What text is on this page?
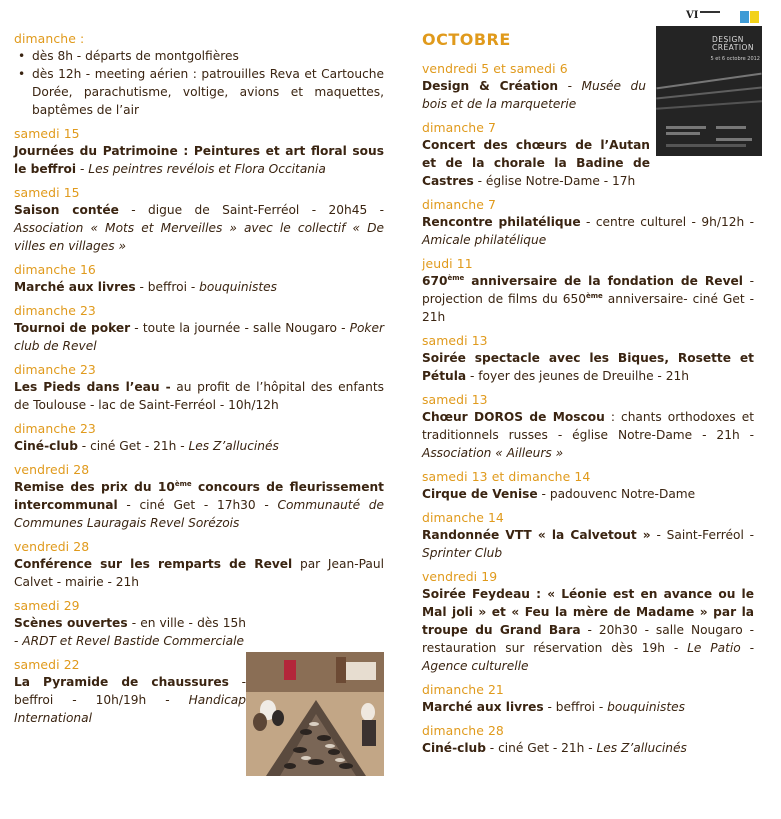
dimanche :
• dès 8h - départs de montgolfières
• dès 12h - meeting aérien : patrouilles Reva et Cartouche Dorée, parachutisme, voltige, avions et maquettes, baptêmes de l’air
samedi 15
Journées du Patrimoine : Peintures et art floral sous le beffroi - Les peintres revélois et Flora Occitania
samedi 15
Saison contée - digue de Saint-Ferréol - 20h45 - Association « Mots et Merveilles » avec le collectif « De villes en villages »
dimanche 16
Marché aux livres - beffroi - bouquinistes
dimanche 23
Tournoi de poker - toute la journée - salle Nougaro - Poker club de Revel
dimanche 23
Les Pieds dans l’eau - au profit de l’hôpital des enfants de Toulouse - lac de Saint-Ferréol - 10h/12h
dimanche 23
Ciné-club - ciné Get - 21h - Les Z’allucinés
vendredi 28
Remise des prix du 10ème concours de fleurissement intercommunal - ciné Get - 17h30 - Communauté de Communes Lauragais Revel Sorézois
vendredi 28
Conférence sur les remparts de Revel par Jean-Paul Calvet - mairie - 21h
samedi 29
Scènes ouvertes - en ville - dès 15h - ARDT et Revel Bastide Commerciale
samedi 22
La Pyramide de chaussures - beffroi - 10h/19h - Handicap International
OCTOBRE
vendredi 5 et samedi 6
Design & Création - Musée du bois et de la marqueterie
dimanche 7
Concert des chœurs de l’Autan et de la chorale la Badine de Castres - église Notre-Dame - 17h
dimanche 7
Rencontre philatélique - centre culturel - 9h/12h - Amicale philatélique
jeudi 11
670ème anniversaire de la fondation de Revel - projection de films du 650ème anniversaire- ciné Get - 21h
samedi 13
Soirée spectacle avec les Biques, Rosette et Pétula - foyer des jeunes de Dreuilhe - 21h
samedi 13
Chœur DOROS de Moscou : chants orthodoxes et traditionnels russes - église Notre-Dame - 21h - Association « Ailleurs »
samedi 13 et dimanche 14
Cirque de Venise - padouvenc Notre-Dame
dimanche 14
Randonnée VTT « la Calvetout » - Saint-Ferréol - Sprinter Club
vendredi 19
Soirée Feydeau : « Léonie est en avance ou le Mal joli » et « Feu la mère de Madame » par la troupe du Grand Bara - 20h30 - salle Nougaro - restauration sur réservation dès 19h - Le Patio - Agence culturelle
dimanche 21
Marché aux livres - beffroi - bouquinistes
dimanche 28
Ciné-club - ciné Get - 21h - Les Z’allucinés
VI
DESIGN CRÉATION
5 et 6 octobre 2012
